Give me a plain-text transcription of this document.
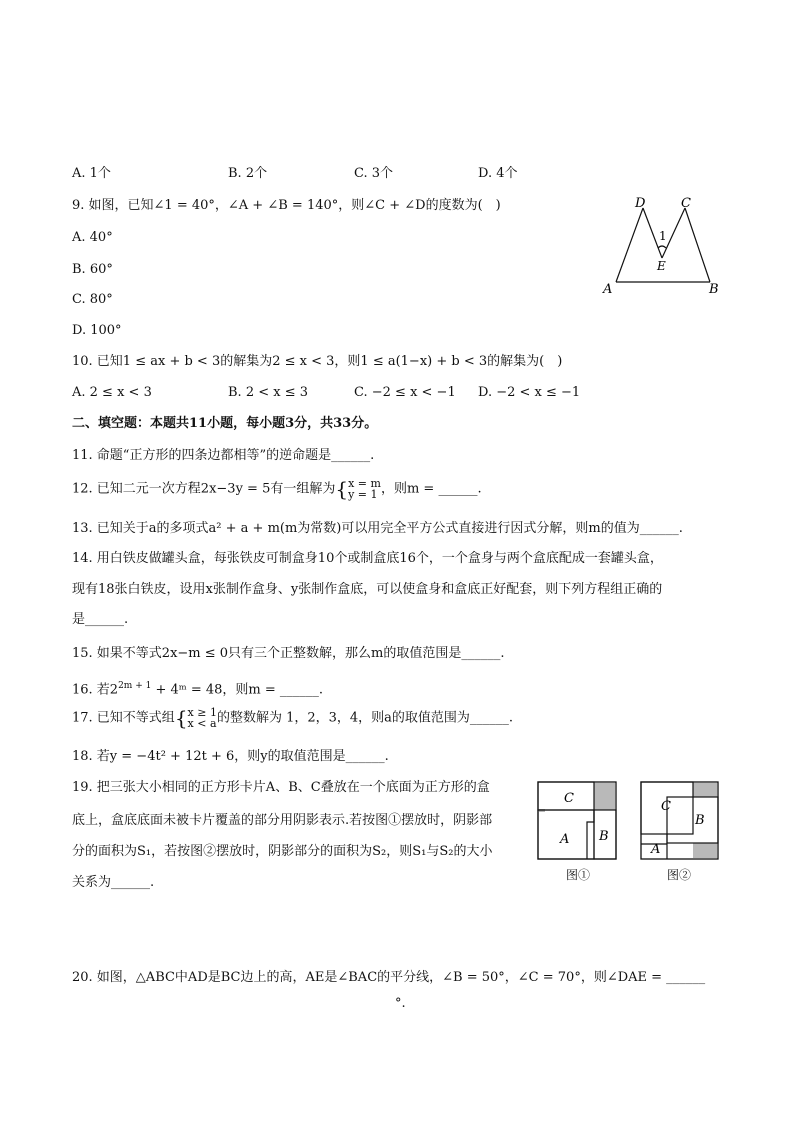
A. 1个	B. 2个	C. 3个	D. 4个
9. 如图，已知∠1 = 40°，∠A + ∠B = 140°，则∠C + ∠D的度数为(　)
A. 40°
B. 60°
C. 80°
D. 100°
D	C
1
E
A	B
10. 已知1 ≤ ax + b < 3的解集为2 ≤ x < 3，则1 ≤ a(1−x) + b < 3的解集为(　)
A. 2 ≤ x < 3	B. 2 < x ≤ 3	C. −2 ≤ x < −1 D. −2 < x ≤ −1
二、填空题：本题共11小题，每小题3分，共33分。
11. 命题“正方形的四条边都相等”的逆命题是______.
12. 已知二元一次方程2x−3y = 5有一组解为{ x = m
y = 1 ，则m = ______.
13. 已知关于a的多项式a² + a + m(m为常数)可以用完全平方公式直接进行因式分解，则m的值为______.
14. 用白铁皮做罐头盒，每张铁皮可制盒身10个或制盒底16个，一个盒身与两个盒底配成一套罐头盒，
现有18张白铁皮，设用x张制作盒身、y张制作盒底，可以使盒身和盒底正好配套，则下列方程组正确的
是______.
15. 如果不等式2x−m ≤ 0只有三个正整数解，那么m的取值范围是______.
16. 若$2^{2m + 1}$ + 4ᵐ = 48，则m = ______.
17. 已知不等式组{ x ≥ 1
x < a 的整数解为 1，2，3，4，则a的取值范围为______.
18. 若y = −4t² + 12t + 6，则y的取值范围是______.
19. 把三张大小相同的正方形卡片A、B、C叠放在一个底面为正方形的盒
底上，盒底底面未被卡片覆盖的部分用阴影表示.若按图①摆放时，阴影部
分的面积为S₁，若按图②摆放时，阴影部分的面积为S₂，则S₁与S₂的大小
关系为______.
C
A B
图①
C
B
A
图②
20. 如图，△ABC中AD是BC边上的高，AE是∠BAC的平分线，∠B = 50°，∠C = 70°，则∠DAE = ______
°.
